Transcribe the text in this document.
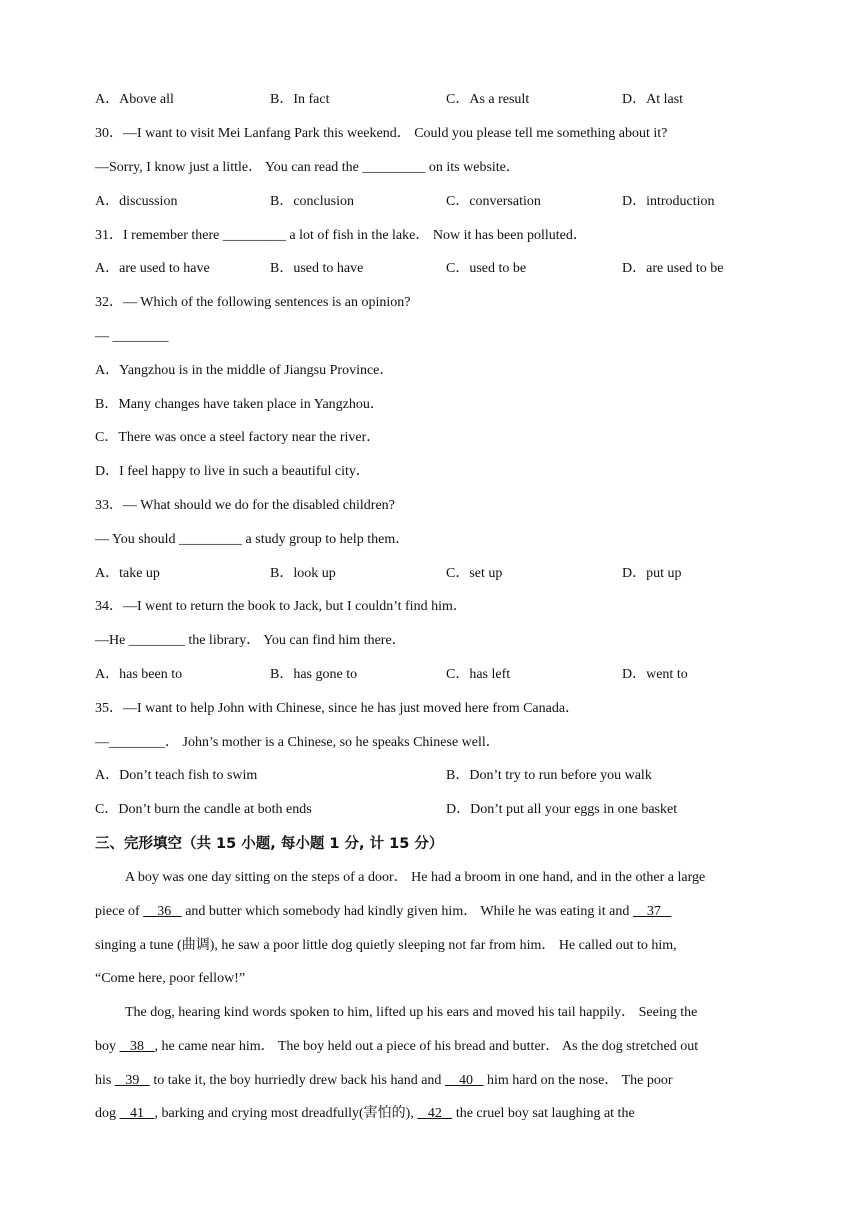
A．Above all	B．In fact	C．As a result	D．At last
30．—I want to visit Mei Lanfang Park this weekend． Could you please tell me something about it?
—Sorry, I know just a little． You can read the _________ on its website．
A．discussion	B．conclusion	C．conversation	D．introduction
31．I remember there _________ a lot of fish in the lake． Now it has been polluted．
A．are used to have	B．used to have	C．used to be	D．are used to be
32．— Which of the following sentences is an opinion?
— ________
A．Yangzhou is in the middle of Jiangsu Province．
B．Many changes have taken place in Yangzhou．
C．There was once a steel factory near the river．
D．I feel happy to live in such a beautiful city．
33．— What should we do for the disabled children?
— You should _________ a study group to help them．
A．take up	B．look up	C．set up	D．put up
34．—I went to return the book to Jack, but I couldn’t find him．
—He ________ the library． You can find him there．
A．has been to	B．has gone to	C．has left	D．went to
35．—I want to help John with Chinese, since he has just moved here from Canada．
—________． John’s mother is a Chinese, so he speaks Chinese well．
A．Don’t teach fish to swim	B．Don’t try to run before you walk
C．Don’t burn the candle at both ends	D．Don’t put all your eggs in one basket
三、完形填空（共 15 小题, 每小题 1 分, 计 15 分）
A boy was one day sitting on the steps of a door． He had a broom in one hand, and in the other a large
piece of     36    and butter which somebody had kindly given him． While he was eating it and     37
singing a tune (曲调), he saw a poor little dog quietly sleeping not far from him． He called out to him,
“Come here, poor fellow!”
The dog, hearing kind words spoken to him, lifted up his ears and moved his tail happily． Seeing the
boy    38 , he came near him． The boy held out a piece of his bread and butter． As the dog stretched out
his    39    to take it, the boy hurriedly drew back his hand and     40    him hard on the nose． The poor
dog    41 , barking and crying most dreadfully(害怕的),    42    the cruel boy sat laughing at the
